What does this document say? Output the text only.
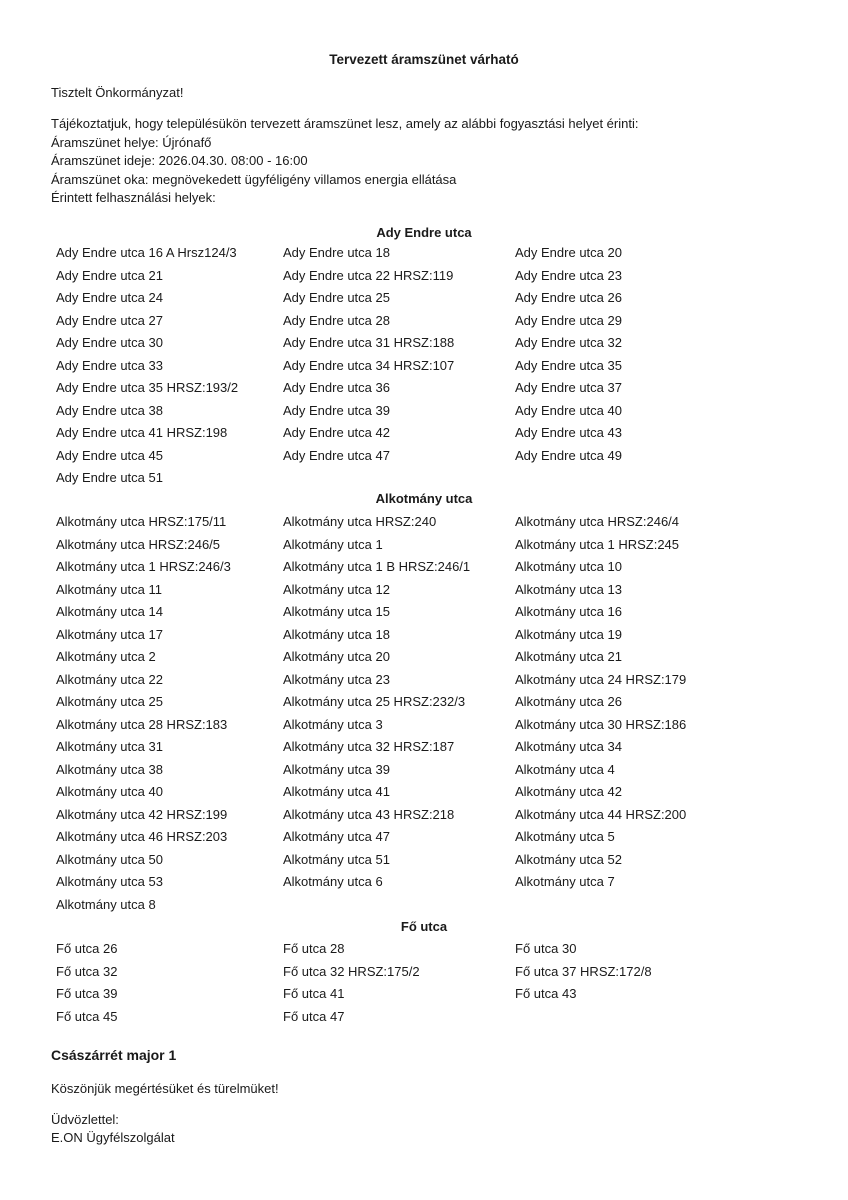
Tervezett áramszünet várható
Tisztelt Önkormányzat!
Tájékoztatjuk, hogy településükön tervezett áramszünet lesz, amely az alábbi fogyasztási helyet érinti:
Áramszünet helye: Újrónafő
Áramszünet ideje: 2026.04.30. 08:00 - 16:00
Áramszünet oka: megnövekedett ügyféligény villamos energia ellátása
Érintett felhasználási helyek:
Ady Endre utca
Ady Endre utca 16 A Hrsz124/3	Ady Endre utca 18	Ady Endre utca 20
Ady Endre utca 21	Ady Endre utca 22 HRSZ:119	Ady Endre utca 23
Ady Endre utca 24	Ady Endre utca 25	Ady Endre utca 26
Ady Endre utca 27	Ady Endre utca 28	Ady Endre utca 29
Ady Endre utca 30	Ady Endre utca 31 HRSZ:188	Ady Endre utca 32
Ady Endre utca 33	Ady Endre utca 34 HRSZ:107	Ady Endre utca 35
Ady Endre utca 35 HRSZ:193/2	Ady Endre utca 36	Ady Endre utca 37
Ady Endre utca 38	Ady Endre utca 39	Ady Endre utca 40
Ady Endre utca 41 HRSZ:198	Ady Endre utca 42	Ady Endre utca 43
Ady Endre utca 45	Ady Endre utca 47	Ady Endre utca 49
Ady Endre utca 51
Alkotmány utca
Alkotmány utca HRSZ:175/11	Alkotmány utca HRSZ:240	Alkotmány utca HRSZ:246/4
Alkotmány utca HRSZ:246/5	Alkotmány utca 1	Alkotmány utca 1 HRSZ:245
Alkotmány utca 1 HRSZ:246/3	Alkotmány utca 1 B HRSZ:246/1	Alkotmány utca 10
Alkotmány utca 11	Alkotmány utca 12	Alkotmány utca 13
Alkotmány utca 14	Alkotmány utca 15	Alkotmány utca 16
Alkotmány utca 17	Alkotmány utca 18	Alkotmány utca 19
Alkotmány utca 2	Alkotmány utca 20	Alkotmány utca 21
Alkotmány utca 22	Alkotmány utca 23	Alkotmány utca 24 HRSZ:179
Alkotmány utca 25	Alkotmány utca 25 HRSZ:232/3	Alkotmány utca 26
Alkotmány utca 28 HRSZ:183	Alkotmány utca 3	Alkotmány utca 30 HRSZ:186
Alkotmány utca 31	Alkotmány utca 32 HRSZ:187	Alkotmány utca 34
Alkotmány utca 38	Alkotmány utca 39	Alkotmány utca 4
Alkotmány utca 40	Alkotmány utca 41	Alkotmány utca 42
Alkotmány utca 42 HRSZ:199	Alkotmány utca 43 HRSZ:218	Alkotmány utca 44 HRSZ:200
Alkotmány utca 46 HRSZ:203	Alkotmány utca 47	Alkotmány utca 5
Alkotmány utca 50	Alkotmány utca 51	Alkotmány utca 52
Alkotmány utca 53	Alkotmány utca 6	Alkotmány utca 7
Alkotmány utca 8
Fő utca
Fő utca 26	Fő utca 28	Fő utca 30
Fő utca 32	Fő utca 32 HRSZ:175/2	Fő utca 37 HRSZ:172/8
Fő utca 39	Fő utca 41	Fő utca 43
Fő utca 45	Fő utca 47
Császárrét major 1
Köszönjük megértésüket és türelmüket!
Üdvözlettel:
E.ON Ügyfélszolgálat
